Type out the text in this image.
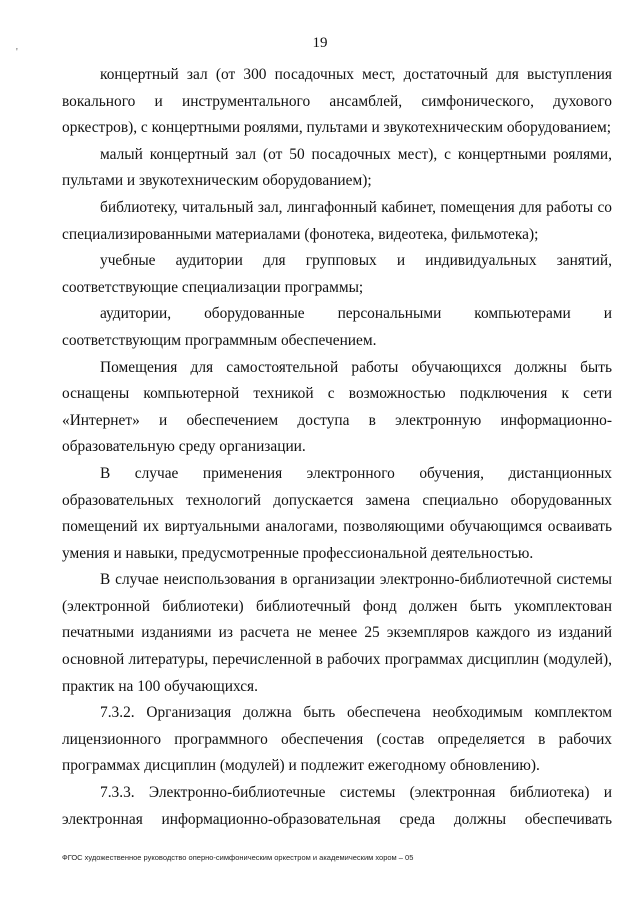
19
'

концертный зал (от 300 посадочных мест, достаточный для выступления вокального и инструментального ансамблей, симфонического, духового оркестров), с концертными роялями, пультами и звукотехническим оборудованием;

малый концертный зал (от 50 посадочных мест), с концертными роялями, пультами и звукотехническим оборудованием);

библиотеку, читальный зал, лингафонный кабинет, помещения для работы со специализированными материалами (фонотека, видеотека, фильмотека);

учебные аудитории для групповых и индивидуальных занятий, соответствующие специализации программы;

аудитории, оборудованные персональными компьютерами и соответствующим программным обеспечением.

Помещения для самостоятельной работы обучающихся должны быть оснащены компьютерной техникой с возможностью подключения к сети «Интернет» и обеспечением доступа в электронную информационно-образовательную среду организации.

В случае применения электронного обучения, дистанционных образовательных технологий допускается замена специально оборудованных помещений их виртуальными аналогами, позволяющими обучающимся осваивать умения и навыки, предусмотренные профессиональной деятельностью.

В случае неиспользования в организации электронно-библиотечной системы (электронной библиотеки) библиотечный фонд должен быть укомплектован печатными изданиями из расчета не менее 25 экземпляров каждого из изданий основной литературы, перечисленной в рабочих программах дисциплин (модулей), практик на 100 обучающихся.

7.3.2. Организация должна быть обеспечена необходимым комплектом лицензионного программного обеспечения (состав определяется в рабочих программах дисциплин (модулей) и подлежит ежегодному обновлению).

7.3.3. Электронно-библиотечные системы (электронная библиотека) и электронная информационно-образовательная среда должны обеспечивать

ФГОС художественное руководство оперно-симфоническим оркестром и академическим хором – 05
